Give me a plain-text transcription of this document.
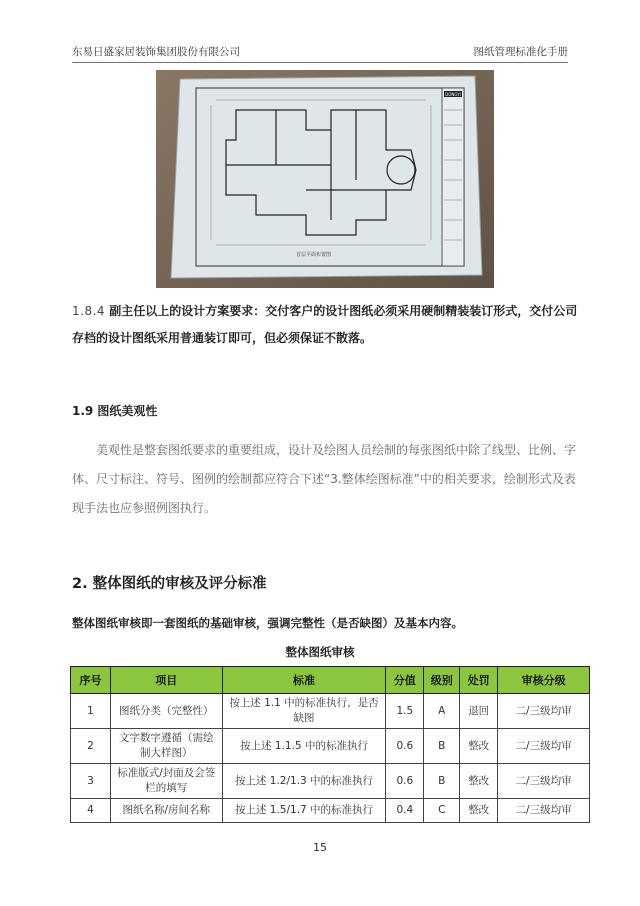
东易日盛家居装饰集团股份有限公司	图纸管理标准化手册
DONGYI
首层平面布置图
1.8.4 副主任以上的设计方案要求：交付客户的设计图纸必须采用硬制精装装订形式，交付公司存档的设计图纸采用普通装订即可，但必须保证不散落。
1.9 图纸美观性
美观性是整套图纸要求的重要组成，设计及绘图人员绘制的每张图纸中除了线型、比例、字体、尺寸标注、符号、图例的绘制都应符合下述“3.整体绘图标准”中的相关要求，绘制形式及表现手法也应参照例图执行。
2. 整体图纸的审核及评分标准
整体图纸审核即一套图纸的基础审核，强调完整性（是否缺图）及基本内容。
整体图纸审核
序号	项目	标准	分值	级别	处罚	审核分级
1	图纸分类（完整性）	按上述 1.1 中的标准执行，是否缺图	1.5	A	退回	二/三级均审
2	文字数字遵循（需绘制大样图）	按上述 1.1.5 中的标准执行	0.6	B	整改	二/三级均审
3	标准版式/封面及会签栏的填写	按上述 1.2/1.3 中的标准执行	0.6	B	整改	二/三级均审
4	图纸名称/房间名称	按上述 1.5/1.7 中的标准执行	0.4	C	整改	二/三级均审
15
